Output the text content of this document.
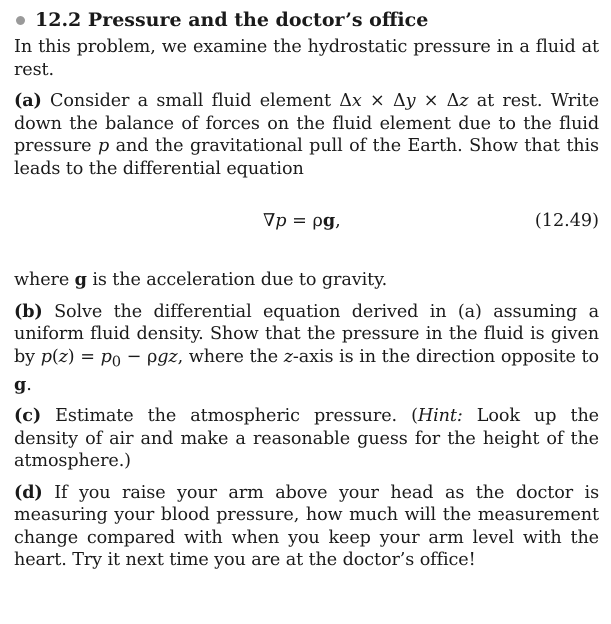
12.2
Pressure and the doctor’s office

In this problem, we examine the hydrostatic pressure in a fluid at rest.

(a) Consider a small fluid element Δx × Δy × Δz at rest. Write down the balance of forces on the fluid element due to the fluid pressure p and the gravitational pull of the Earth. Show that this leads to the differential equation

∇p = ρg,	(12.49)

where g is the acceleration due to gravity.

(b) Solve the differential equation derived in (a) assuming a uniform fluid density. Show that the pressure in the fluid is given by $p(z) = p_0 - \rho gz$, where the z-axis is in the direction opposite to g.

(c) Estimate the atmospheric pressure. (Hint: Look up the density of air and make a reasonable guess for the height of the atmosphere.)

(d) If you raise your arm above your head as the doctor is measuring your blood pressure, how much will the measurement change compared with when you keep your arm level with the heart. Try it next time you are at the doctor’s office!
